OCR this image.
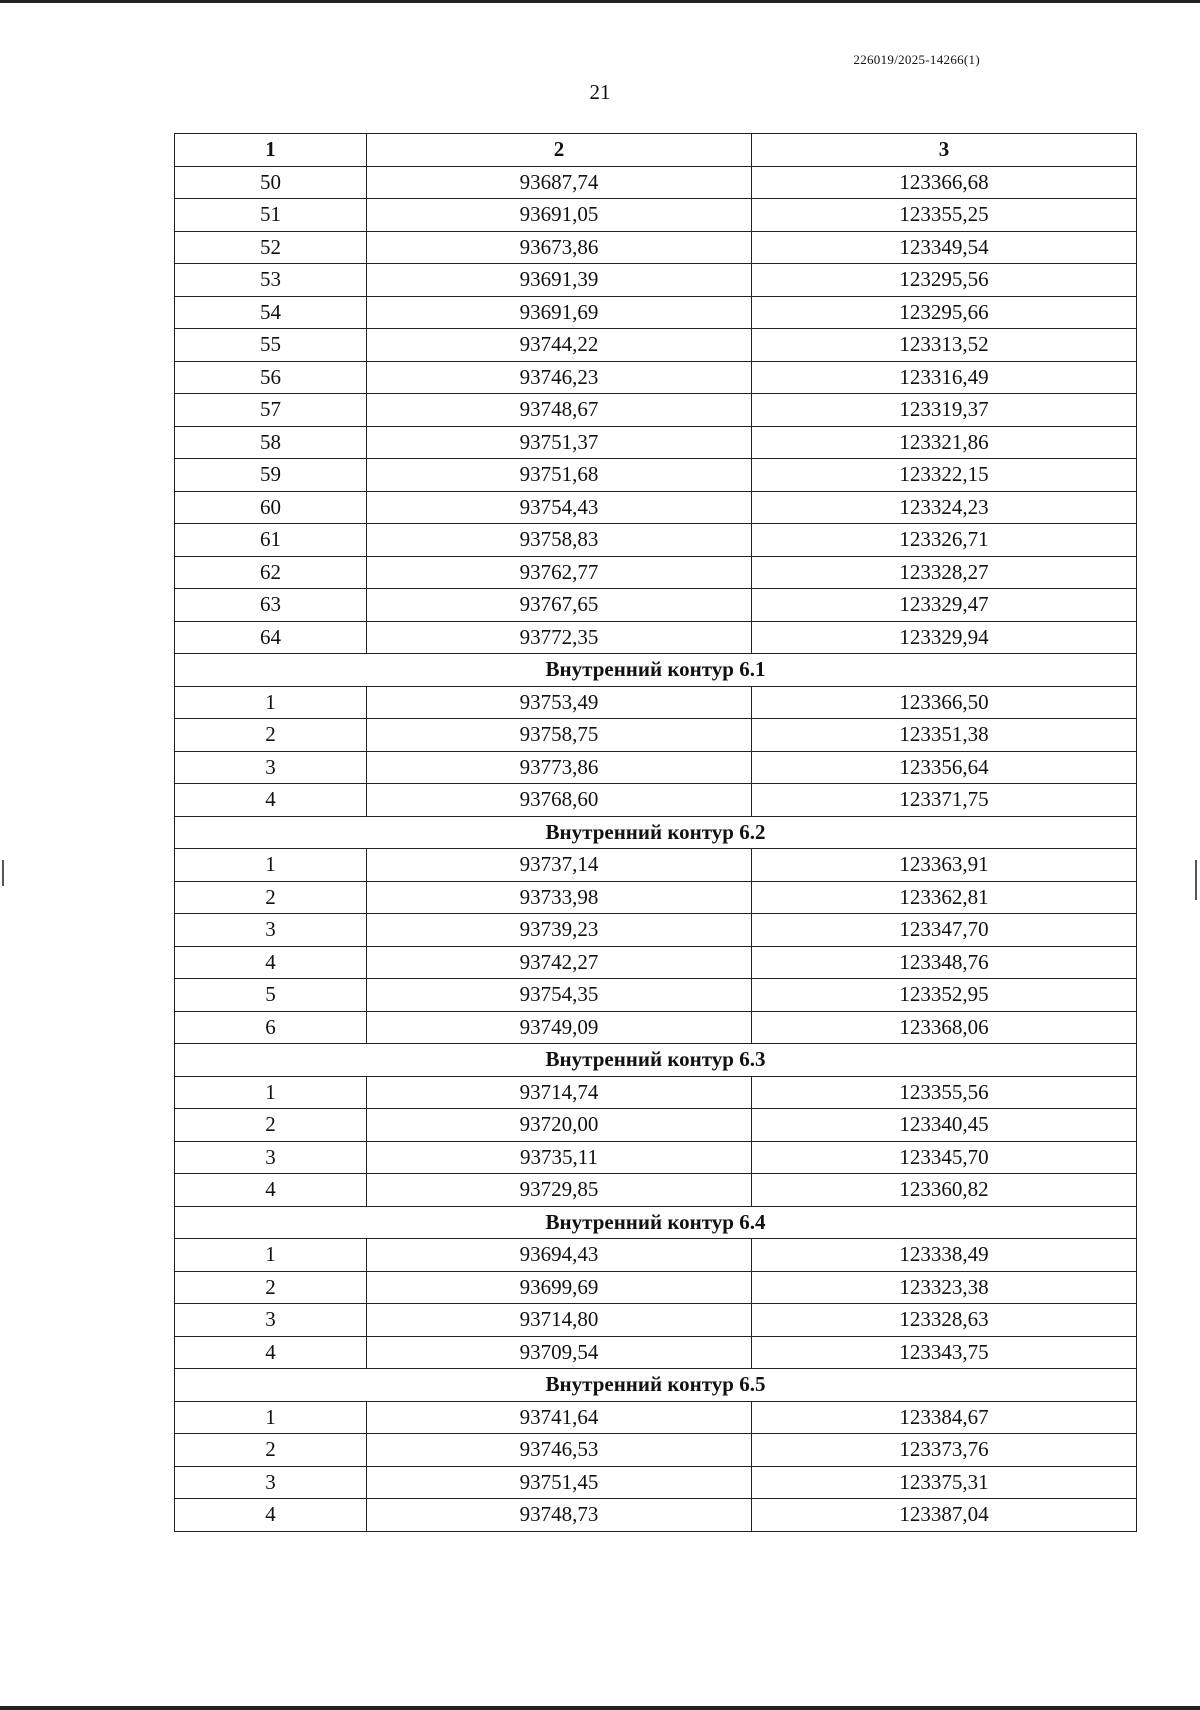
226019/2025-14266(1)
21
1	2	3
50	93687,74	123366,68
51	93691,05	123355,25
52	93673,86	123349,54
53	93691,39	123295,56
54	93691,69	123295,66
55	93744,22	123313,52
56	93746,23	123316,49
57	93748,67	123319,37
58	93751,37	123321,86
59	93751,68	123322,15
60	93754,43	123324,23
61	93758,83	123326,71
62	93762,77	123328,27
63	93767,65	123329,47
64	93772,35	123329,94
Внутренний контур 6.1		
1	93753,49	123366,50
2	93758,75	123351,38
3	93773,86	123356,64
4	93768,60	123371,75
Внутренний контур 6.2		
1	93737,14	123363,91
2	93733,98	123362,81
3	93739,23	123347,70
4	93742,27	123348,76
5	93754,35	123352,95
6	93749,09	123368,06
Внутренний контур 6.3		
1	93714,74	123355,56
2	93720,00	123340,45
3	93735,11	123345,70
4	93729,85	123360,82
Внутренний контур 6.4		
1	93694,43	123338,49
2	93699,69	123323,38
3	93714,80	123328,63
4	93709,54	123343,75
Внутренний контур 6.5		
1	93741,64	123384,67
2	93746,53	123373,76
3	93751,45	123375,31
4	93748,73	123387,04
